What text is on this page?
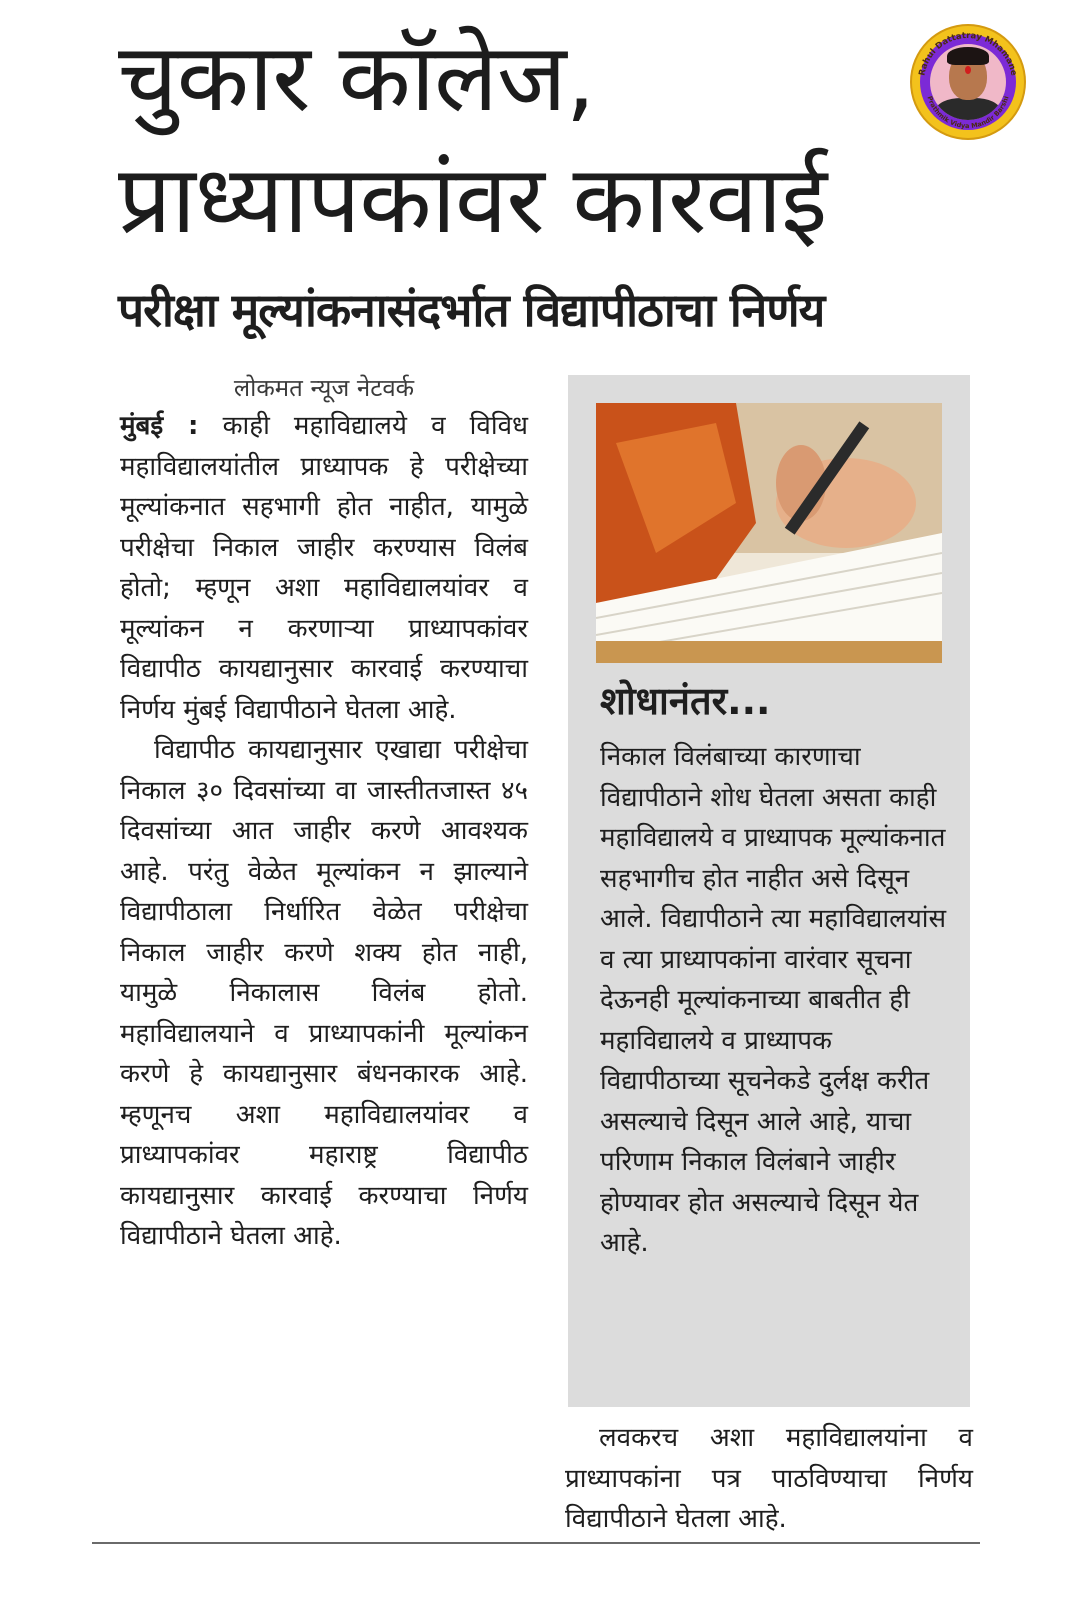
चुकार कॉलेज,
प्राध्यापकांवर कारवाई
Rahul Dattatray Mhamane
Prathmik Vidya Mandir Barshi
परीक्षा मूल्यांकनासंदर्भात विद्यापीठाचा निर्णय
लोकमत न्यूज नेटवर्क

मुंबई : काही महाविद्यालये व विविध महाविद्यालयांतील प्राध्यापक हे परीक्षेच्या मूल्यांकनात सहभागी होत नाहीत, यामुळे परीक्षेचा निकाल जाहीर करण्यास विलंब होतो; म्हणून अशा महाविद्यालयांवर व मूल्यांकन न करणाऱ्या प्राध्यापकांवर विद्यापीठ कायद्यानुसार कारवाई करण्याचा निर्णय मुंबई विद्यापीठाने घेतला आहे.

विद्यापीठ कायद्यानुसार एखाद्या परीक्षेचा निकाल ३० दिवसांच्या वा जास्तीतजास्त ४५ दिवसांच्या आत जाहीर करणे आवश्यक आहे. परंतु वेळेत मूल्यांकन न झाल्याने विद्यापीठाला निर्धारित वेळेत परीक्षेचा निकाल जाहीर करणे शक्य होत नाही, यामुळे निकालास विलंब होतो. महाविद्यालयाने व प्राध्यापकांनी मूल्यांकन करणे हे कायद्यानुसार बंधनकारक आहे. म्हणूनच अशा महाविद्यालयांवर व प्राध्यापकांवर महाराष्ट्र विद्यापीठ कायद्यानुसार कारवाई करण्याचा निर्णय विद्यापीठाने घेतला आहे.

शोधानंतर...

निकाल विलंबाच्या कारणाचा विद्यापीठाने शोध घेतला असता काही महाविद्यालये व प्राध्यापक मूल्यांकनात सहभागीच होत नाहीत असे दिसून आले. विद्यापीठाने त्या महाविद्यालयांस व त्या प्राध्यापकांना वारंवार सूचना देऊनही मूल्यांकनाच्या बाबतीत ही महाविद्यालये व प्राध्यापक विद्यापीठाच्या सूचनेकडे दुर्लक्ष करीत असल्याचे दिसून आले आहे, याचा परिणाम निकाल विलंबाने जाहीर होण्यावर होत असल्याचे दिसून येत आहे.

लवकरच अशा महाविद्यालयांना व प्राध्यापकांना पत्र पाठविण्याचा निर्णय विद्यापीठाने घेतला आहे.
